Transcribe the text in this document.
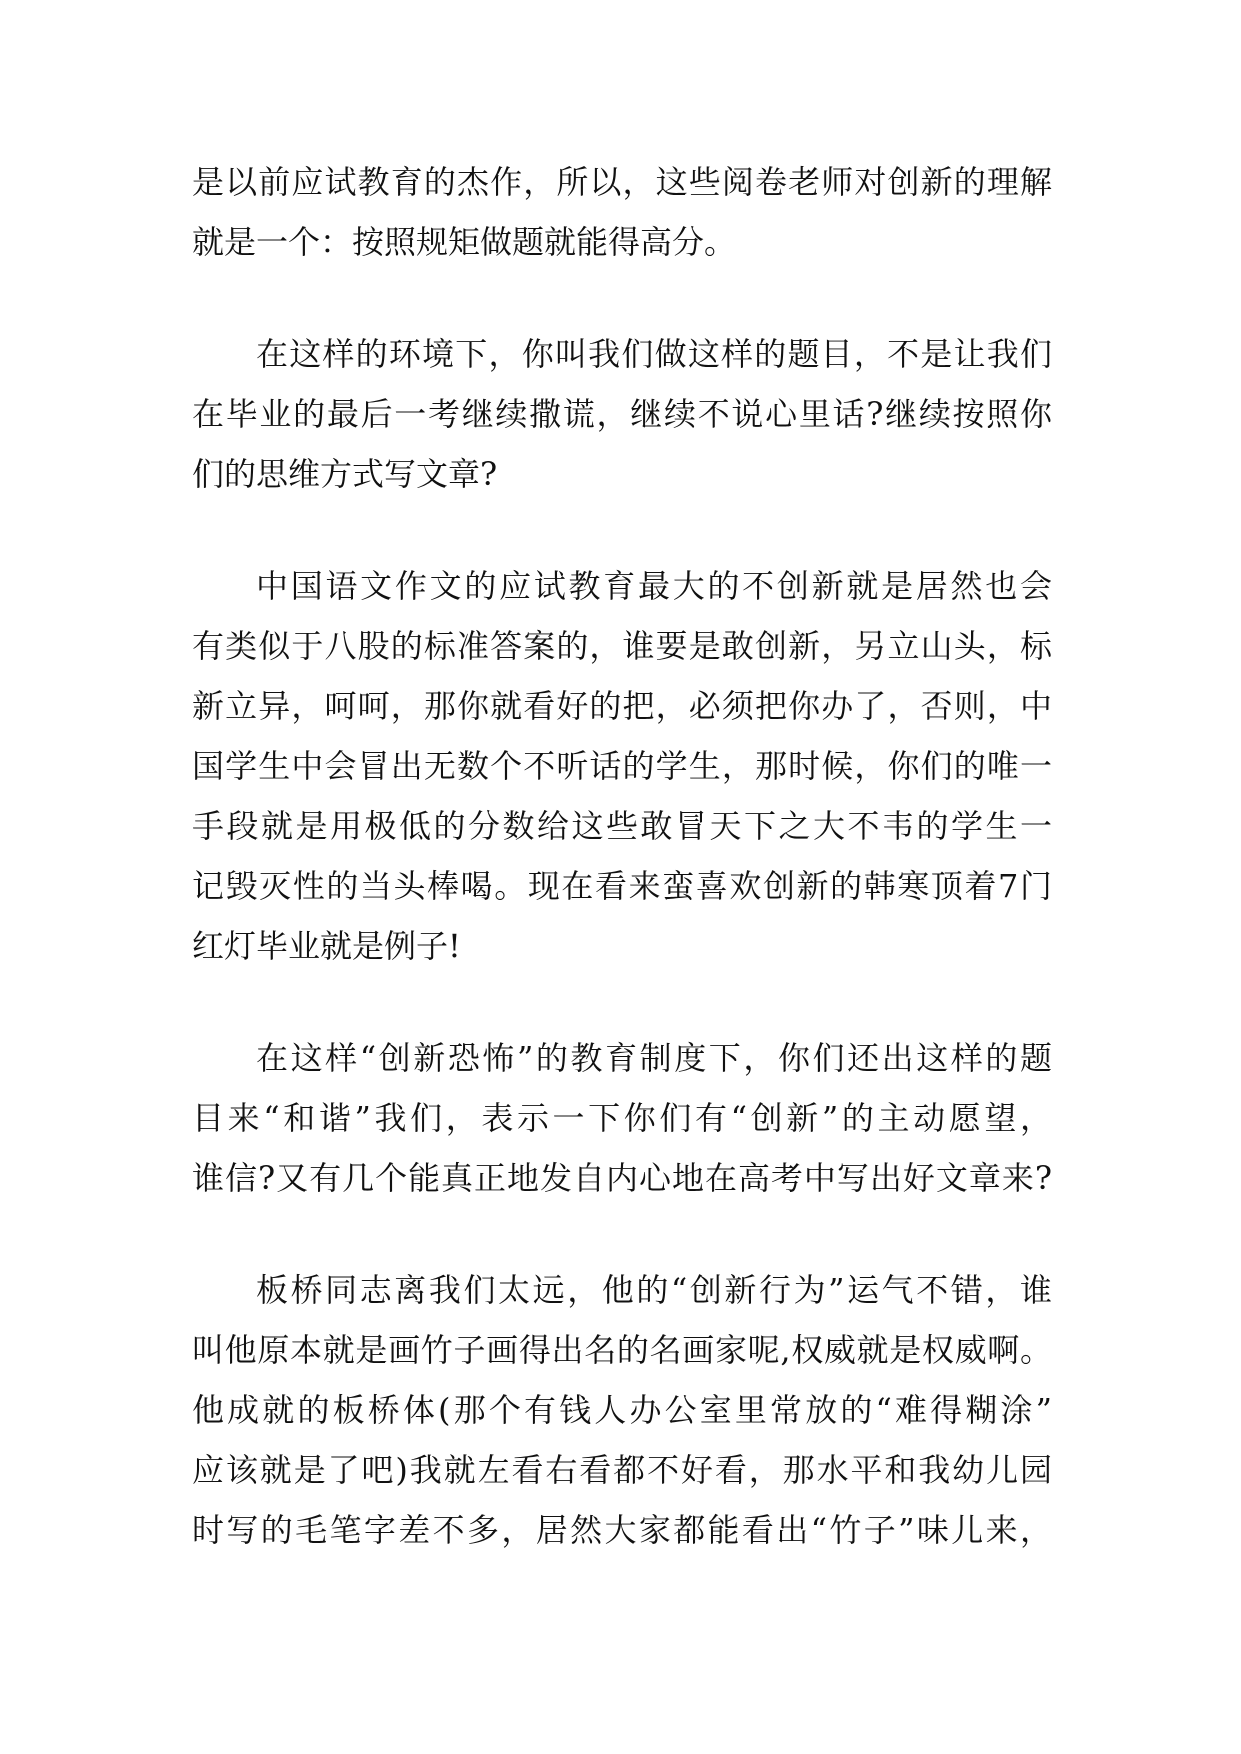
是以前应试教育的杰作，所以，这些阅卷老师对创新的理解
就是一个：按照规矩做题就能得高分。
在这样的环境下，你叫我们做这样的题目，不是让我们
在毕业的最后一考继续撒谎，继续不说心里话?继续按照你
们的思维方式写文章?
中国语文作文的应试教育最大的不创新就是居然也会
有类似于八股的标准答案的，谁要是敢创新，另立山头，标
新立异，呵呵，那你就看好的把，必须把你办了，否则，中
国学生中会冒出无数个不听话的学生，那时候，你们的唯一
手段就是用极低的分数给这些敢冒天下之大不韦的学生一
记毁灭性的当头棒喝。现在看来蛮喜欢创新的韩寒顶着7门
红灯毕业就是例子!
在这样“创新恐怖”的教育制度下，你们还出这样的题
目来“和谐”我们，表示一下你们有“创新”的主动愿望，
谁信?又有几个能真正地发自内心地在高考中写出好文章来?
板桥同志离我们太远，他的“创新行为”运气不错，谁
叫他原本就是画竹子画得出名的名画家呢,权威就是权威啊。
他成就的板桥体(那个有钱人办公室里常放的“难得糊涂”
应该就是了吧)我就左看右看都不好看，那水平和我幼儿园
时写的毛笔字差不多，居然大家都能看出“竹子”味儿来，
